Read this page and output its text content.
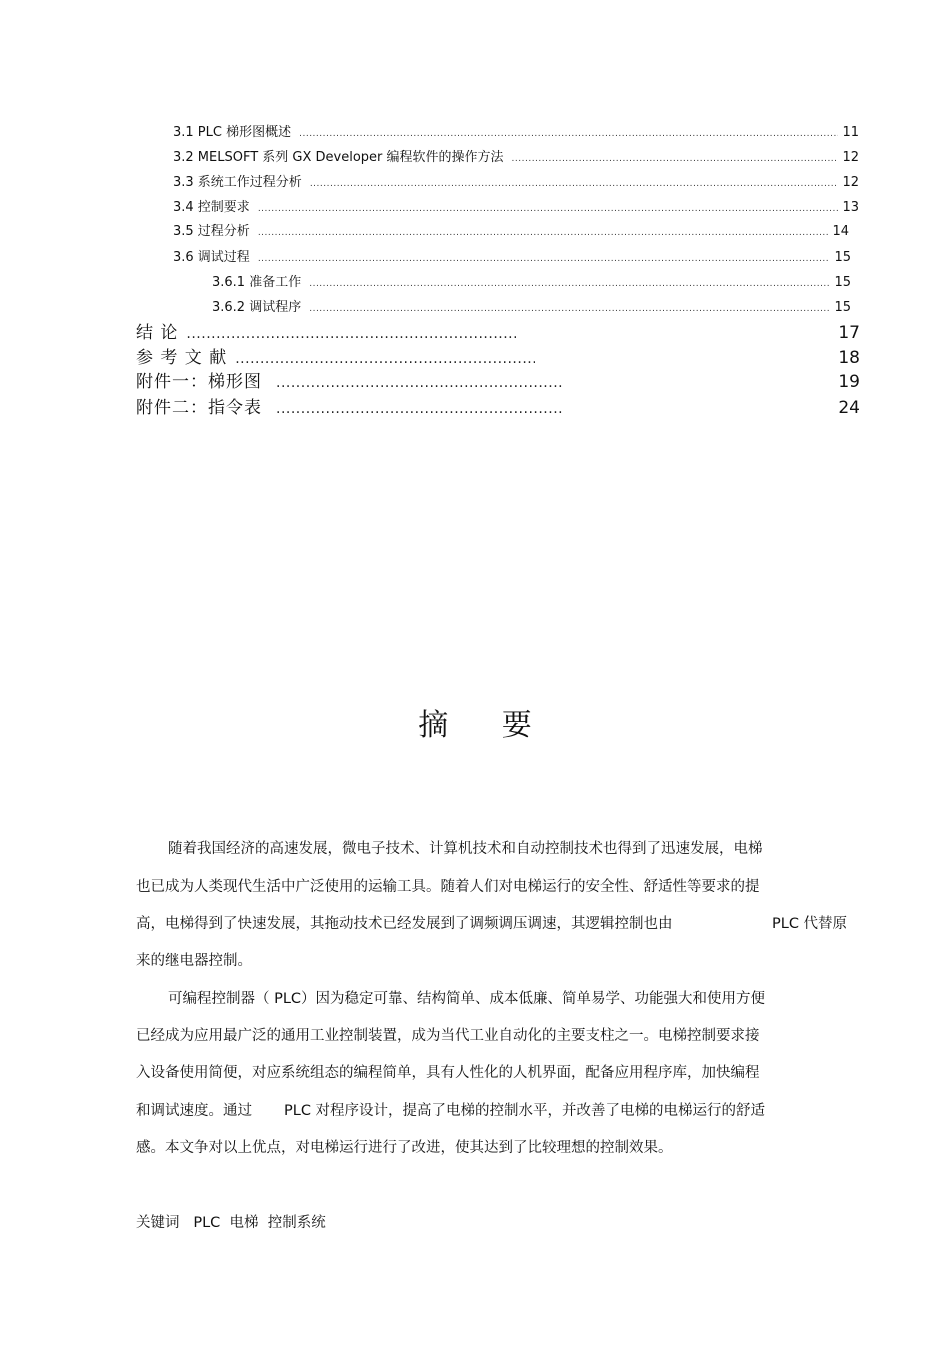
3.1 PLC 梯形图概述 .....	11
3.2 MELSOFT 系列 GX Developer 编程软件的操作方法 .....	12
3.3 系统工作过程分析 .....	12
3.4 控制要求 .....	13
3.5 过程分析 .....	14
3.6 调试过程 .....	15
3.6.1 准备工作 .....	15
3.6.2 调试程序 .....	15
结 论 .....	17
参 考 文 献 .....	18
附件一：梯形图 .....	19
附件二：指令表 .....	24
摘 要
随着我国经济的高速发展，微电子技术、计算机技术和自动控制技术也得到了迅速发展，电梯
也已成为人类现代生活中广泛使用的运输工具。随着人们对电梯运行的安全性、舒适性等要求的提
高，电梯得到了快速发展，其拖动技术已经发展到了调频调压调速，其逻辑控制也由	PLC 代替原
来的继电器控制。
可编程控制器（ PLC）因为稳定可靠、结构简单、成本低廉、简单易学、功能强大和使用方便
已经成为应用最广泛的通用工业控制装置，成为当代工业自动化的主要支柱之一。电梯控制要求接
入设备使用简便，对应系统组态的编程简单，具有人性化的人机界面，配备应用程序库，加快编程
和调试速度。通过 PLC 对程序设计，提高了电梯的控制水平，并改善了电梯的电梯运行的舒适
感。本文争对以上优点，对电梯运行进行了改进，使其达到了比较理想的控制效果。
关键词   PLC  电梯  控制系统
